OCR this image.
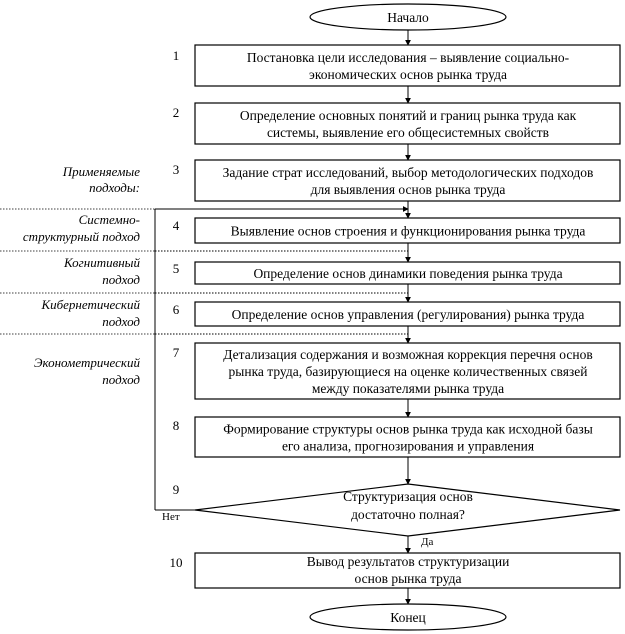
Начало
Конец
1	Постановка цели исследования – выявление социально-
экономических основ рынка труда
2	Определение основных понятий и границ рынка труда как
системы, выявление его общесистемных свойств
3	Задание страт исследований, выбор методологических подходов
для выявления основ рынка труда
4	Выявление основ строения и функционирования рынка труда
5	Определение основ динамики поведения рынка труда
6	Определение основ управления (регулирования) рынка труда
7	Детализация содержания и возможная коррекция перечня основ
рынка труда, базирующиеся на оценке количественных связей
между показателями рынка труда
8	Формирование структуры основ рынка труда как исходной базы
его анализа, прогнозирования и управления
9	Структуризация основ
достаточно полная?
Да
Нет
10	Вывод результатов структуризации
основ рынка труда
Применяемые
подходы:
Системно-
структурный подход
Когнитивный
подход
Кибернетический
подход
Эконометрический
подход
